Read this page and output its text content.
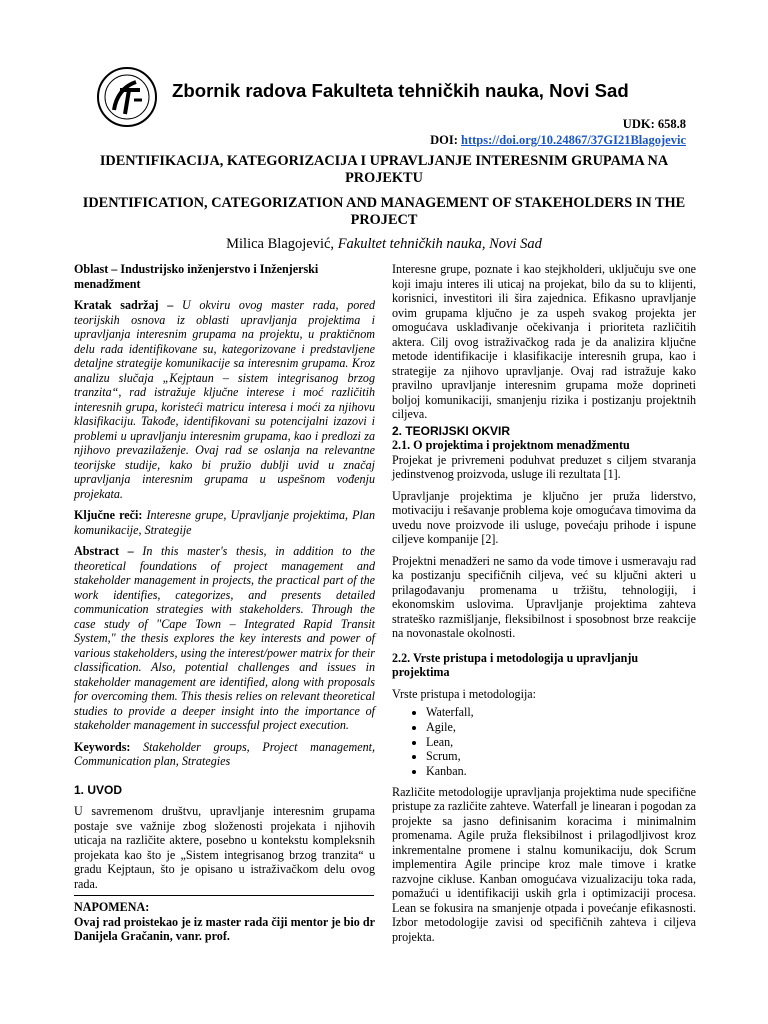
Zbornik radova Fakulteta tehničkih nauka, Novi Sad
UDK: 658.8
DOI: https://doi.org/10.24867/37GI21Blagojevic
IDENTIFIKACIJA, KATEGORIZACIJA I UPRAVLJANJE INTERESNIM GRUPAMA NA PROJEKTU
IDENTIFICATION, CATEGORIZATION AND MANAGEMENT OF STAKEHOLDERS IN THE PROJECT
Milica Blagojević, Fakultet tehničkih nauka, Novi Sad

Oblast – Industrijsko inženjerstvo i Inženjerski menadžment

Kratak sadržaj – U okviru ovog master rada, pored teorijskih osnova iz oblasti upravljanja projektima i upravljanja interesnim grupama na projektu, u praktičnom delu rada identifikovane su, kategorizovane i predstavljene detaljne strategije komunikacije sa interesnim grupama. Kroz analizu slučaja „Kejptaun – sistem integrisanog brzog tranzita“, rad istražuje ključne interese i moć različitih interesnih grupa, koristeći matricu interesa i moći za njihovu klasifikaciju. Takođe, identifikovani su potencijalni izazovi i problemi u upravljanju interesnim grupama, kao i predlozi za njihovo prevazilaženje. Ovaj rad se oslanja na relevantne teorijske studije, kako bi pružio dublji uvid u značaj upravljanja interesnim grupama u uspešnom vođenju projekata.

Ključne reči: Interesne grupe, Upravljanje projektima, Plan komunikacije, Strategije

Abstract – In this master's thesis, in addition to the theoretical foundations of project management and stakeholder management in projects, the practical part of the work identifies, categorizes, and presents detailed communication strategies with stakeholders. Through the case study of "Cape Town – Integrated Rapid Transit System," the thesis explores the key interests and power of various stakeholders, using the interest/power matrix for their classification. Also, potential challenges and issues in stakeholder management are identified, along with proposals for overcoming them. This thesis relies on relevant theoretical studies to provide a deeper insight into the importance of stakeholder management in successful project execution.

Keywords: Stakeholder groups, Project management, Communication plan, Strategies

1. UVOD

U savremenom društvu, upravljanje interesnim grupama postaje sve važnije zbog složenosti projekata i njihovih uticaja na različite aktere, posebno u kontekstu kompleksnih projekata kao što je „Sistem integrisanog brzog tranzita“ u gradu Kejptaun, što je opisano u istraživačkom delu ovog rada.

NAPOMENA:

Ovaj rad proistekao je iz master rada čiji mentor je bio dr Danijela Gračanin, vanr. prof.

Interesne grupe, poznate i kao stejkholderi, uključuju sve one koji imaju interes ili uticaj na projekat, bilo da su to klijenti, korisnici, investitori ili šira zajednica. Efikasno upravljanje ovim grupama ključno je za uspeh svakog projekta jer omogućava usklađivanje očekivanja i prioriteta različitih aktera. Cilj ovog istraživačkog rada je da analizira ključne metode identifikacije i klasifikacije interesnih grupa, kao i strategije za njihovo upravljanje. Ovaj rad istražuje kako pravilno upravljanje interesnim grupama može doprineti boljoj komunikaciji, smanjenju rizika i postizanju projektnih ciljeva.

2. TEORIJSKI OKVIR

2.1. O projektima i projektnom menadžmentu

Projekat je privremeni poduhvat preduzet s ciljem stvaranja jedinstvenog proizvoda, usluge ili rezultata [1].

Upravljanje projektima je ključno jer pruža liderstvo, motivaciju i rešavanje problema koje omogućava timovima da uvedu nove proizvode ili usluge, povećaju prihode i ispune ciljeve kompanije [2].

Projektni menadžeri ne samo da vode timove i usmeravaju rad ka postizanju specifičnih ciljeva, već su ključni akteri u prilagođavanju promenama u tržištu, tehnologiji, i ekonomskim uslovima. Upravljanje projektima zahteva strateško razmišljanje, fleksibilnost i sposobnost brze reakcije na novonastale okolnosti.

2.2. Vrste pristupa i metodologija u upravljanju projektima

Vrste pristupa i metodologija:

• Waterfall,
• Agile,
• Lean,
• Scrum,
• Kanban.

Različite metodologije upravljanja projektima nude specifične pristupe za različite zahteve. Waterfall je linearan i pogodan za projekte sa jasno definisanim koracima i minimalnim promenama. Agile pruža fleksibilnost i prilagodljivost kroz inkrementalne promene i stalnu komunikaciju, dok Scrum implementira Agile principe kroz male timove i kratke razvojne cikluse. Kanban omogućava vizualizaciju toka rada, pomažući u identifikaciji uskih grla i optimizaciji procesa. Lean se fokusira na smanjenje otpada i povećanje efikasnosti. Izbor metodologije zavisi od specifičnih zahteva i ciljeva projekta.
